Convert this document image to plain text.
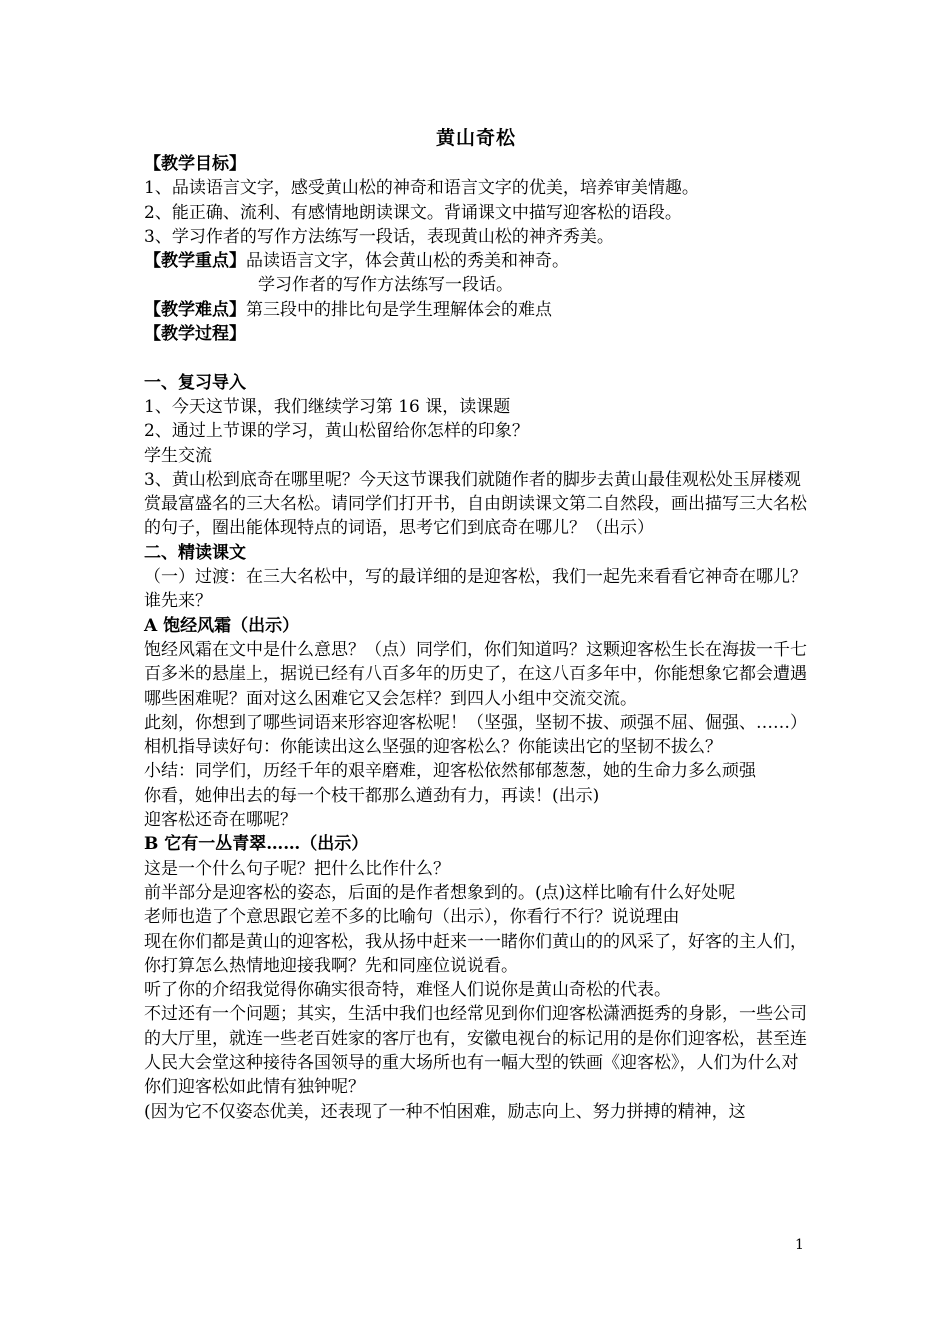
黄山奇松

【教学目标】

1、品读语言文字，感受黄山松的神奇和语言文字的优美，培养审美情趣。

2、能正确、流利、有感情地朗读课文。背诵课文中描写迎客松的语段。

3、学习作者的写作方法练写一段话，表现黄山松的神齐秀美。

【教学重点】品读语言文字，体会黄山松的秀美和神奇。

学习作者的写作方法练写一段话。

【教学难点】第三段中的排比句是学生理解体会的难点

【教学过程】

一、复习导入

1、今天这节课，我们继续学习第 16 课，读课题

2、通过上节课的学习，黄山松留给你怎样的印象？

学生交流

3、黄山松到底奇在哪里呢？今天这节课我们就随作者的脚步去黄山最佳观松处玉屏楼观赏最富盛名的三大名松。请同学们打开书，自由朗读课文第二自然段，画出描写三大名松的句子，圈出能体现特点的词语，思考它们到底奇在哪儿？（出示）

二、精读课文

（一）过渡：在三大名松中，写的最详细的是迎客松，我们一起先来看看它神奇在哪儿？谁先来？

A 饱经风霜（出示）

饱经风霜在文中是什么意思？（点）同学们，你们知道吗？这颗迎客松生长在海拔一千七百多米的悬崖上，据说已经有八百多年的历史了，在这八百多年中，你能想象它都会遭遇哪些困难呢？面对这么困难它又会怎样？到四人小组中交流交流。

此刻，你想到了哪些词语来形容迎客松呢！（坚强，坚韧不拔、顽强不屈、倔强、……）

相机指导读好句：你能读出这么坚强的迎客松么？你能读出它的坚韧不拔么？

小结：同学们，历经千年的艰辛磨难，迎客松依然郁郁葱葱，她的生命力多么顽强

你看，她伸出去的每一个枝干都那么遒劲有力，再读！(出示)

迎客松还奇在哪呢？

B 它有一丛青翠……（出示）

这是一个什么句子呢？把什么比作什么？

前半部分是迎客松的姿态，后面的是作者想象到的。(点)这样比喻有什么好处呢

老师也造了个意思跟它差不多的比喻句（出示），你看行不行？说说理由

现在你们都是黄山的迎客松，我从扬中赶来一一睹你们黄山的的风采了，好客的主人们，你打算怎么热情地迎接我啊？先和同座位说说看。

听了你的介绍我觉得你确实很奇特，难怪人们说你是黄山奇松的代表。

不过还有一个问题；其实，生活中我们也经常见到你们迎客松潇洒挺秀的身影，一些公司的大厅里，就连一些老百姓家的客厅也有，安徽电视台的标记用的是你们迎客松，甚至连人民大会堂这种接待各国领导的重大场所也有一幅大型的铁画《迎客松》，人们为什么对你们迎客松如此情有独钟呢？

(因为它不仅姿态优美，还表现了一种不怕困难，励志向上、努力拼搏的精神，这

1
